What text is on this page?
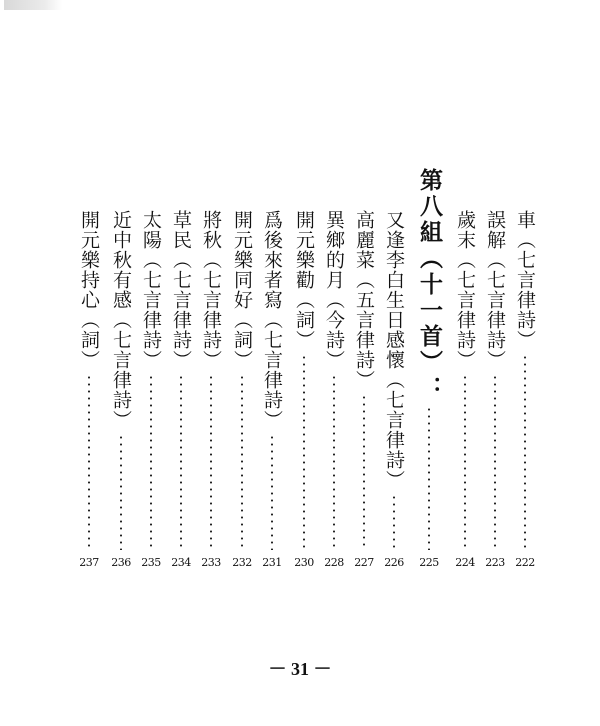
車（七言律詩）
222
誤解（七言律詩）
223
歲末（七言律詩）
224
第八組（十一首）：
225
又逢李白生日感懷（七言律詩）
226
高麗菜（五言律詩）
227
異鄉的月（今詩）
228
開元樂勸（詞）
230
爲後來者寫（七言律詩）
231
開元樂同好（詞）
232
將秋（七言律詩）
233
草民（七言律詩）
234
太陽（七言律詩）
235
近中秋有感（七言律詩）
236
開元樂持心（詞）
237
－ 31 －
